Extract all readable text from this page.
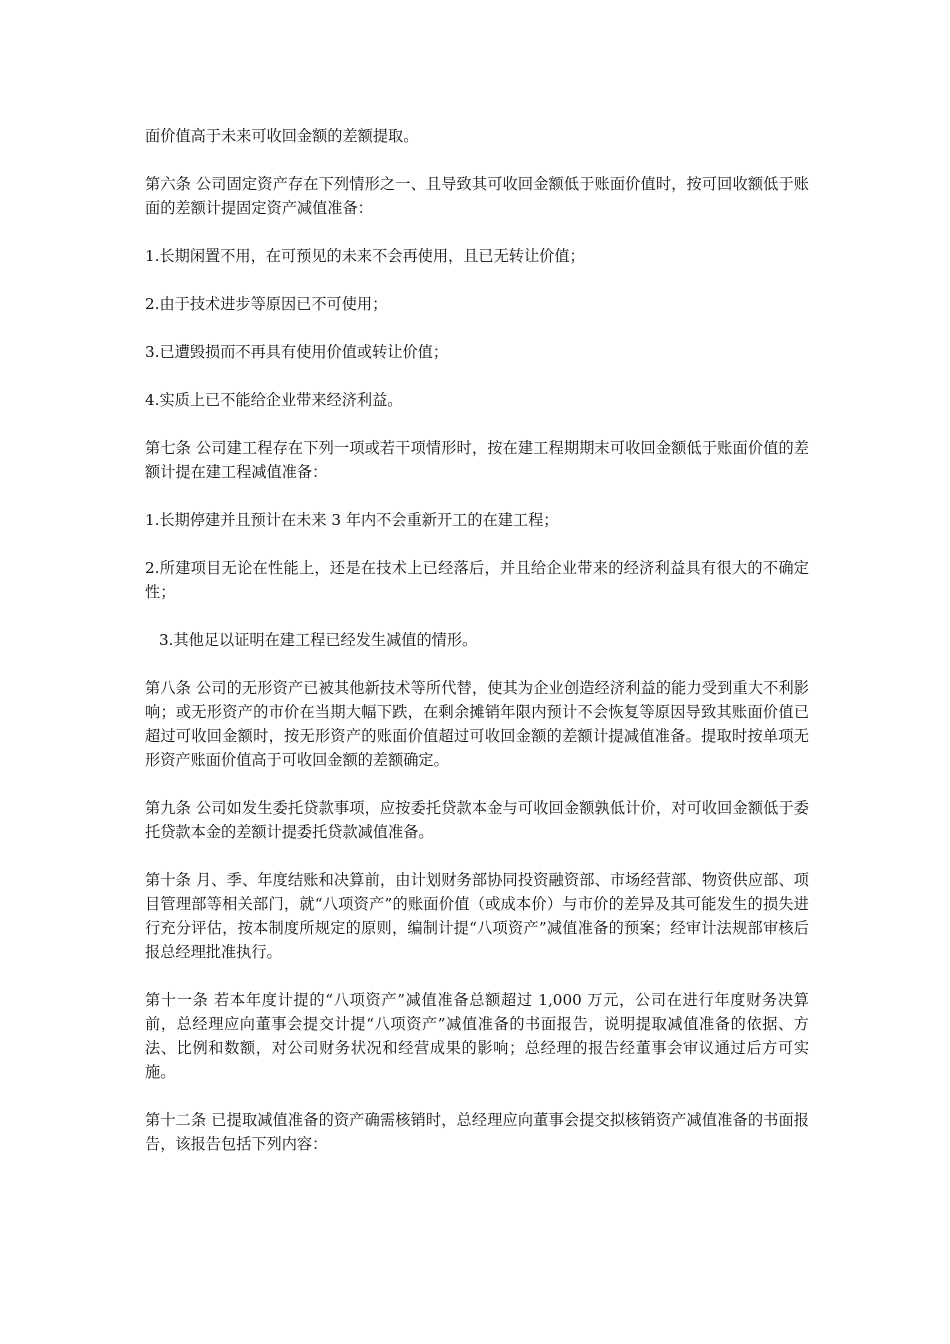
面价值高于未来可收回金额的差额提取。

第六条 公司固定资产存在下列情形之一、且导致其可收回金额低于账面价值时，按可回收额低于账面的差额计提固定资产减值准备：

1.长期闲置不用，在可预见的未来不会再使用，且已无转让价值；

2.由于技术进步等原因已不可使用；

3.已遭毁损而不再具有使用价值或转让价值；

4.实质上已不能给企业带来经济利益。

第七条 公司建工程存在下列一项或若干项情形时，按在建工程期期末可收回金额低于账面价值的差额计提在建工程减值准备：

1.长期停建并且预计在未来 3 年内不会重新开工的在建工程；

2.所建项目无论在性能上，还是在技术上已经落后，并且给企业带来的经济利益具有很大的不确定性；

3.其他足以证明在建工程已经发生减值的情形。

第八条 公司的无形资产已被其他新技术等所代替，使其为企业创造经济利益的能力受到重大不利影响；或无形资产的市价在当期大幅下跌，在剩余摊销年限内预计不会恢复等原因导致其账面价值已超过可收回金额时，按无形资产的账面价值超过可收回金额的差额计提减值准备。提取时按单项无形资产账面价值高于可收回金额的差额确定。

第九条 公司如发生委托贷款事项，应按委托贷款本金与可收回金额孰低计价，对可收回金额低于委托贷款本金的差额计提委托贷款减值准备。

第十条 月、季、年度结账和决算前，由计划财务部协同投资融资部、市场经营部、物资供应部、项目管理部等相关部门，就“八项资产”的账面价值（或成本价）与市价的差异及其可能发生的损失进行充分评估，按本制度所规定的原则，编制计提“八项资产”减值准备的预案；经审计法规部审核后报总经理批准执行。

第十一条 若本年度计提的“八项资产”减值准备总额超过 1,000 万元，公司在进行年度财务决算前，总经理应向董事会提交计提“八项资产”减值准备的书面报告，说明提取减值准备的依据、方法、比例和数额，对公司财务状况和经营成果的影响；总经理的报告经董事会审议通过后方可实施。

第十二条 已提取减值准备的资产确需核销时，总经理应向董事会提交拟核销资产减值准备的书面报告，该报告包括下列内容：
